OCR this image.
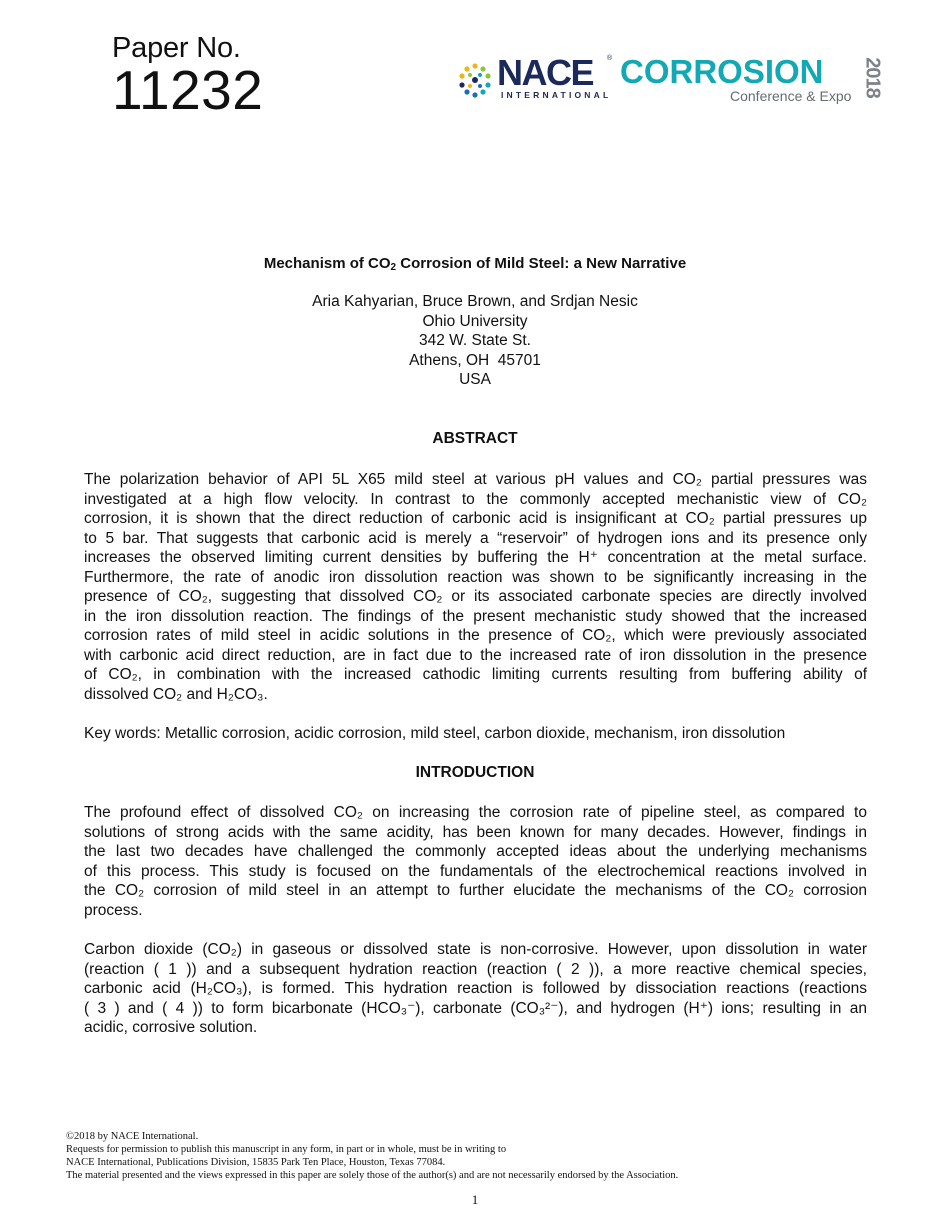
Paper No.
11232	NACE ®
INTERNATIONAL
CORROSION
Conference & Expo 2018
Mechanism of CO2 Corrosion of Mild Steel: a New Narrative
Aria Kahyarian, Bruce Brown, and Srdjan Nesic
Ohio University
342 W. State St.
Athens, OH  45701
USA
ABSTRACT
The polarization behavior of API 5L X65 mild steel at various pH values and CO₂ partial pressures was
investigated at a high flow velocity. In contrast to the commonly accepted mechanistic view of CO₂
corrosion, it is shown that the direct reduction of carbonic acid is insignificant at CO₂ partial pressures up
to 5 bar. That suggests that carbonic acid is merely a “reservoir” of hydrogen ions and its presence only
increases the observed limiting current densities by buffering the H⁺ concentration at the metal surface.
Furthermore, the rate of anodic iron dissolution reaction was shown to be significantly increasing in the
presence of CO₂, suggesting that dissolved CO₂ or its associated carbonate species are directly involved
in the iron dissolution reaction. The findings of the present mechanistic study showed that the increased
corrosion rates of mild steel in acidic solutions in the presence of CO₂, which were previously associated
with carbonic acid direct reduction, are in fact due to the increased rate of iron dissolution in the presence
of CO₂, in combination with the increased cathodic limiting currents resulting from buffering ability of
dissolved CO₂ and H₂CO₃.
Key words: Metallic corrosion, acidic corrosion, mild steel, carbon dioxide, mechanism, iron dissolution
INTRODUCTION
The profound effect of dissolved CO₂ on increasing the corrosion rate of pipeline steel, as compared to
solutions of strong acids with the same acidity, has been known for many decades. However, findings in
the last two decades have challenged the commonly accepted ideas about the underlying mechanisms
of this process. This study is focused on the fundamentals of the electrochemical reactions involved in
the CO₂ corrosion of mild steel in an attempt to further elucidate the mechanisms of the CO₂ corrosion
process.
Carbon dioxide (CO₂) in gaseous or dissolved state is non-corrosive. However, upon dissolution in water
(reaction ( 1 )) and a subsequent hydration reaction (reaction ( 2 )), a more reactive chemical species,
carbonic acid (H₂CO₃), is formed. This hydration reaction is followed by dissociation reactions (reactions
( 3 ) and ( 4 )) to form bicarbonate (HCO₃⁻), carbonate (CO₃²⁻), and hydrogen (H⁺) ions; resulting in an
acidic, corrosive solution.
©2018 by NACE International.
Requests for permission to publish this manuscript in any form, in part or in whole, must be in writing to
NACE International, Publications Division, 15835 Park Ten Place, Houston, Texas 77084.
The material presented and the views expressed in this paper are solely those of the author(s) and are not necessarily endorsed by the Association.
1
